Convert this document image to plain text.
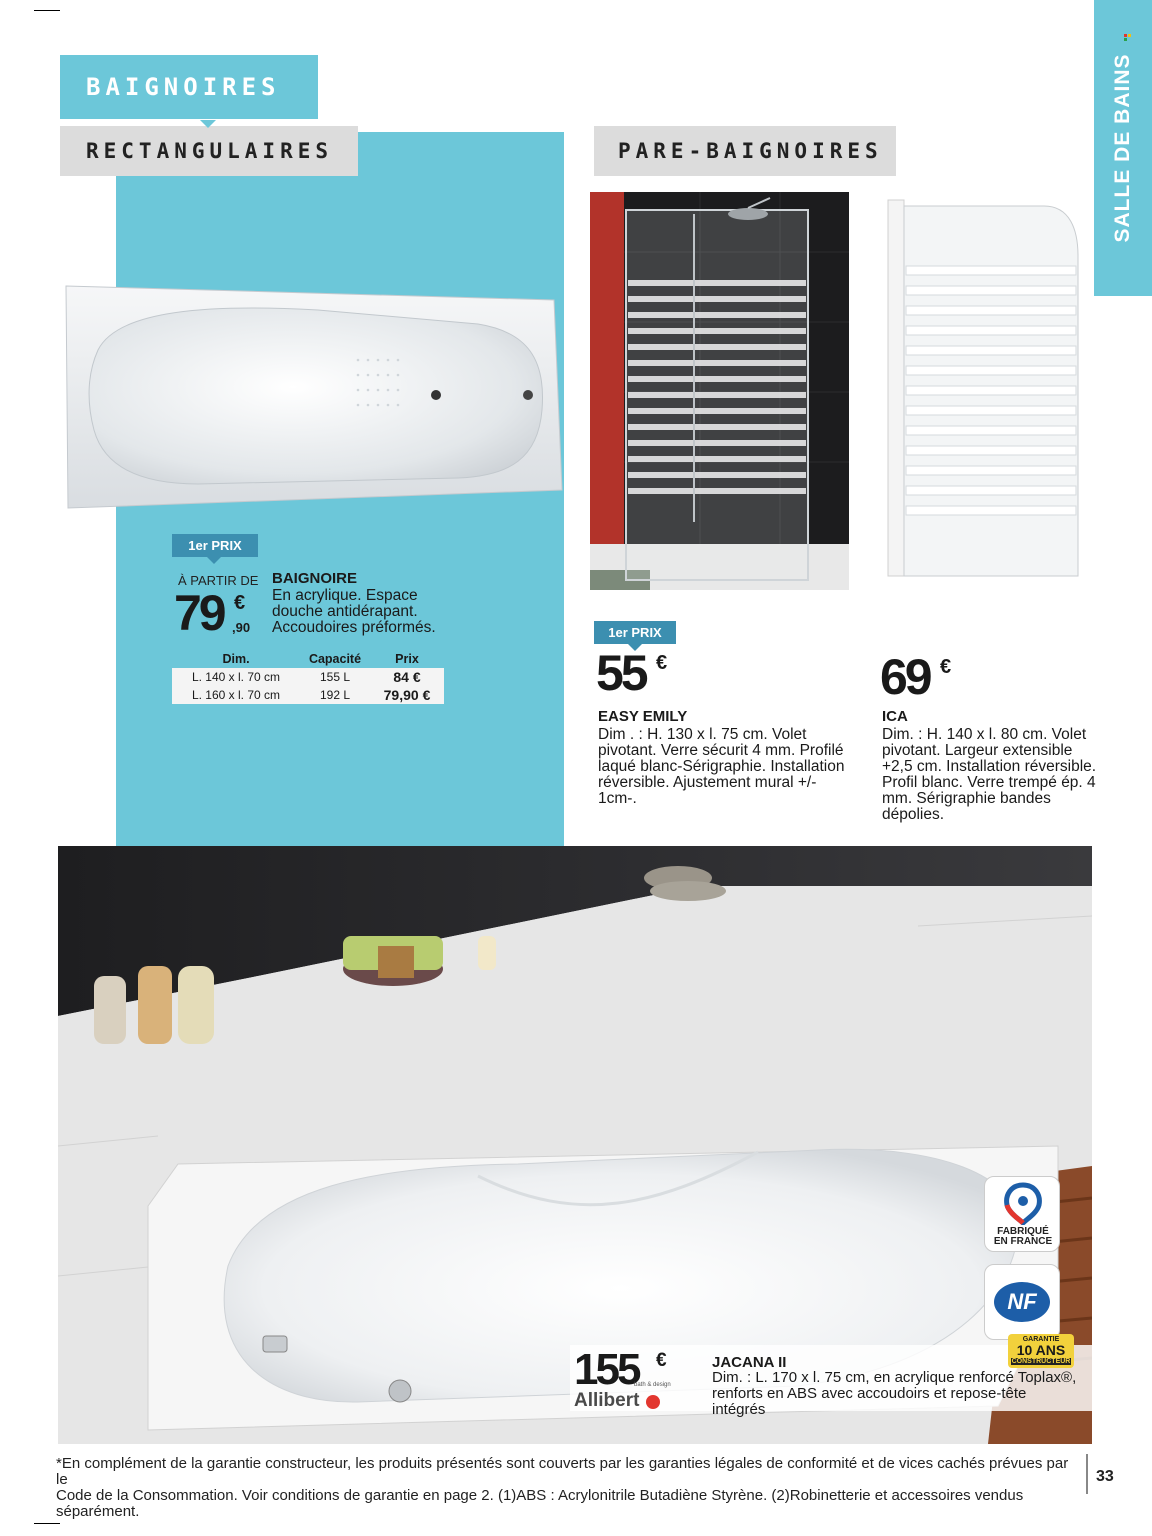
SALLE DE BAINS
BAIGNOIRES
RECTANGULAIRES	PARE-BAIGNOIRES
1er PRIX
À PARTIR DE
79 €
,90
BAIGNOIRE
En acrylique. Espace douche antidérapant. Accoudoires préformés.
Dim.	Capacité	Prix
L. 140 x l. 70 cm	155 L	84 €
L. 160 x l. 70 cm	192 L	79,90 €
1er PRIX
55 €
EASY EMILY
Dim . : H. 130 x l. 75 cm. Volet pivotant. Verre sécurit 4 mm. Profilé laqué blanc-Sérigraphie. Installation réversible. Ajustement mural +/- 1cm-.
69 €
ICA
Dim. : H. 140 x l. 80 cm. Volet pivotant. Largeur extensible +2,5 cm. Installation réversible. Profil blanc. Verre trempé ép. 4 mm. Sérigraphie bandes dépolies.
FABRIQUÉ EN FRANCE
NF
155 €
Allibert
bath & design
JACANA II
Dim. : L. 170 x l. 75 cm, en acrylique renforcé Toplax®, renforts en ABS avec accoudoirs et repose-tête intégrés
GARANTIE
10 ANS
CONSTRUCTEUR
*En complément de la garantie constructeur, les produits présentés sont couverts par les garanties légales de conformité et de vices cachés prévues par le
Code de la Consommation. Voir conditions de garantie en page 2. (1)ABS : Acrylonitrile Butadiène Styrène. (2)Robinetterie et accessoires vendus séparément.
33
